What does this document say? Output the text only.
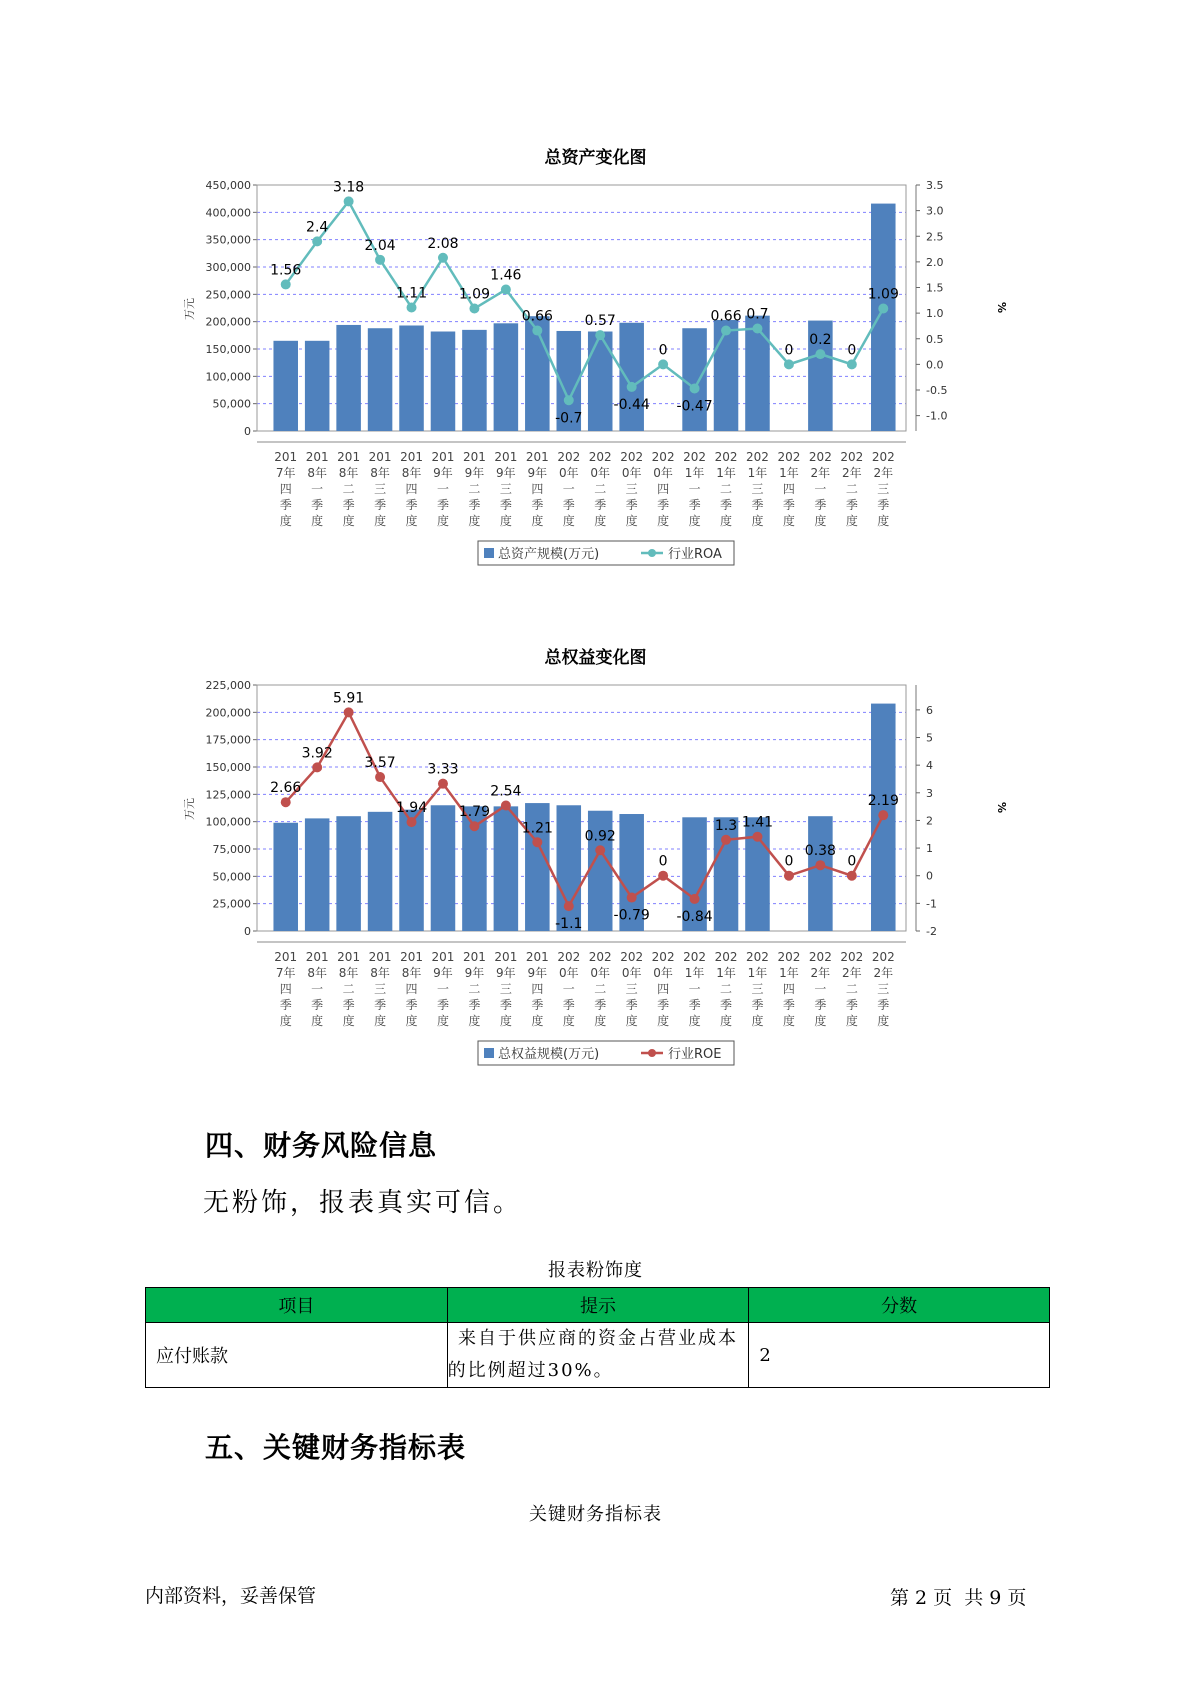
总资产变化图
0
50,000
100,000
150,000
200,000
250,000
300,000
350,000
400,000
450,000
-1.0
-0.5
0.0
0.5
1.0
1.5
2.0
2.5
3.0
3.5
万元	%
1.56
2.4
3.18
2.04
1.11
2.08
1.09
1.46
0.66
-0.7
0.57
-0.44
0
-0.47
0.66 0.7
0
0.2
0
1.09
201
7年
四
季
度
201
8年
一
季
度
201
8年
二
季
度
201
8年
三
季
度
201
8年
四
季
度
201
9年
一
季
度
201
9年
二
季
度
201
9年
三
季
度
201
9年
四
季
度
202
0年
一
季
度
202
0年
二
季
度
202
0年
三
季
度
202
0年
四
季
度
202
1年
一
季
度
202
1年
二
季
度
202
1年
三
季
度
202
1年
四
季
度
202
2年
一
季
度
202
2年
二
季
度
202
2年
三
季
度
总资产规模(万元)	行业ROA
总权益变化图
0
25,000
50,000
75,000
100,000
125,000
150,000
175,000
200,000
225,000
-2
-1
0
1
2
3
4
5
6
万元	%
2.66
3.92
5.91
3.57
1.94
3.33
1.79
2.54
1.21
-1.1
0.92
-0.79
0
-0.84
1.3 1.41
0
0.38
0
2.19
201
7年
四
季
度
201
8年
一
季
度
201
8年
二
季
度
201
8年
三
季
度
201
8年
四
季
度
201
9年
一
季
度
201
9年
二
季
度
201
9年
三
季
度
201
9年
四
季
度
202
0年
一
季
度
202
0年
二
季
度
202
0年
三
季
度
202
0年
四
季
度
202
1年
一
季
度
202
1年
二
季
度
202
1年
三
季
度
202
1年
四
季
度
202
2年
一
季
度
202
2年
二
季
度
202
2年
三
季
度
总权益规模(万元)	行业ROE
四、财务风险信息
无粉饰，报表真实可信。
报表粉饰度
项目	提示	分数
应付账款	来自于供应商的资金占营业成本
的比例超过30%。	2
五、关键财务指标表
关键财务指标表
内部资料，妥善保管	第 2 页  共 9 页
